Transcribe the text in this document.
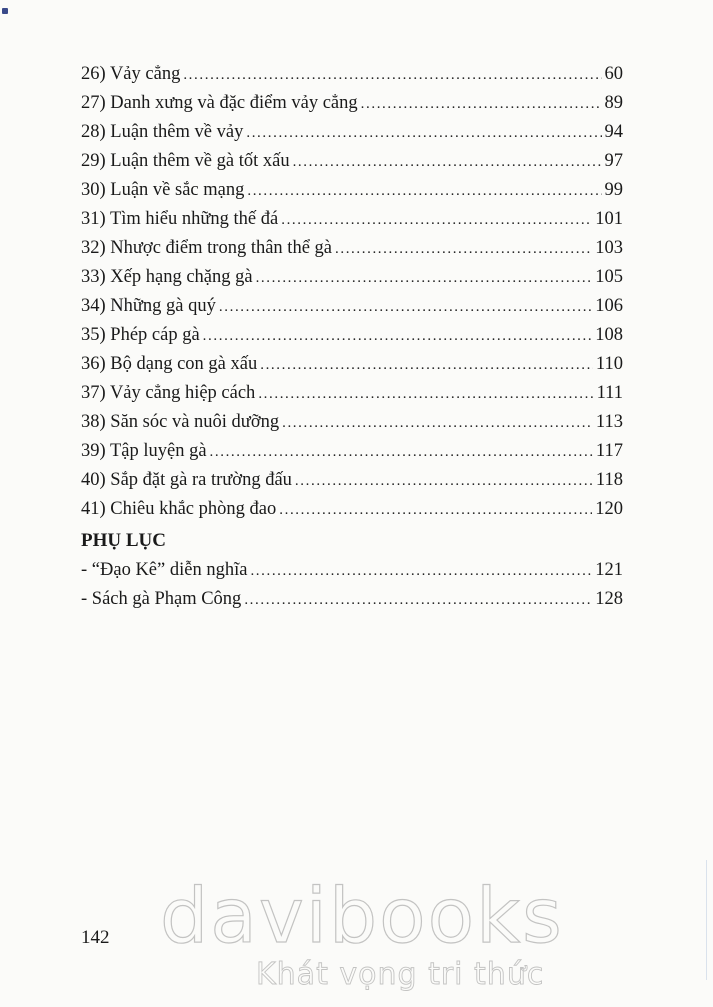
26) Vảy cẳng .....	60
27) Danh xưng và đặc điểm vảy cẳng .....	89
28) Luận thêm về vảy .....	94
29) Luận thêm về gà tốt xấu .....	97
30) Luận về sắc mạng .....	99
31) Tìm hiểu những thế đá .....	101
32) Nhược điểm trong thân thể gà .....	103
33) Xếp hạng chặng gà .....	105
34) Những gà quý .....	106
35) Phép cáp gà .....	108
36) Bộ dạng con gà xấu .....	110
37) Vảy cẳng hiệp cách .....	111
38) Săn sóc và nuôi dưỡng .....	113
39) Tập luyện gà .....	117
40) Sắp đặt gà ra trường đấu .....	118
41) Chiêu khắc phòng đao .....	120
PHỤ LỤC
- “Đạo Kê” diễn nghĩa .....	121
- Sách gà Phạm Công .....	128
142 davibooks
Khát vọng tri thức
